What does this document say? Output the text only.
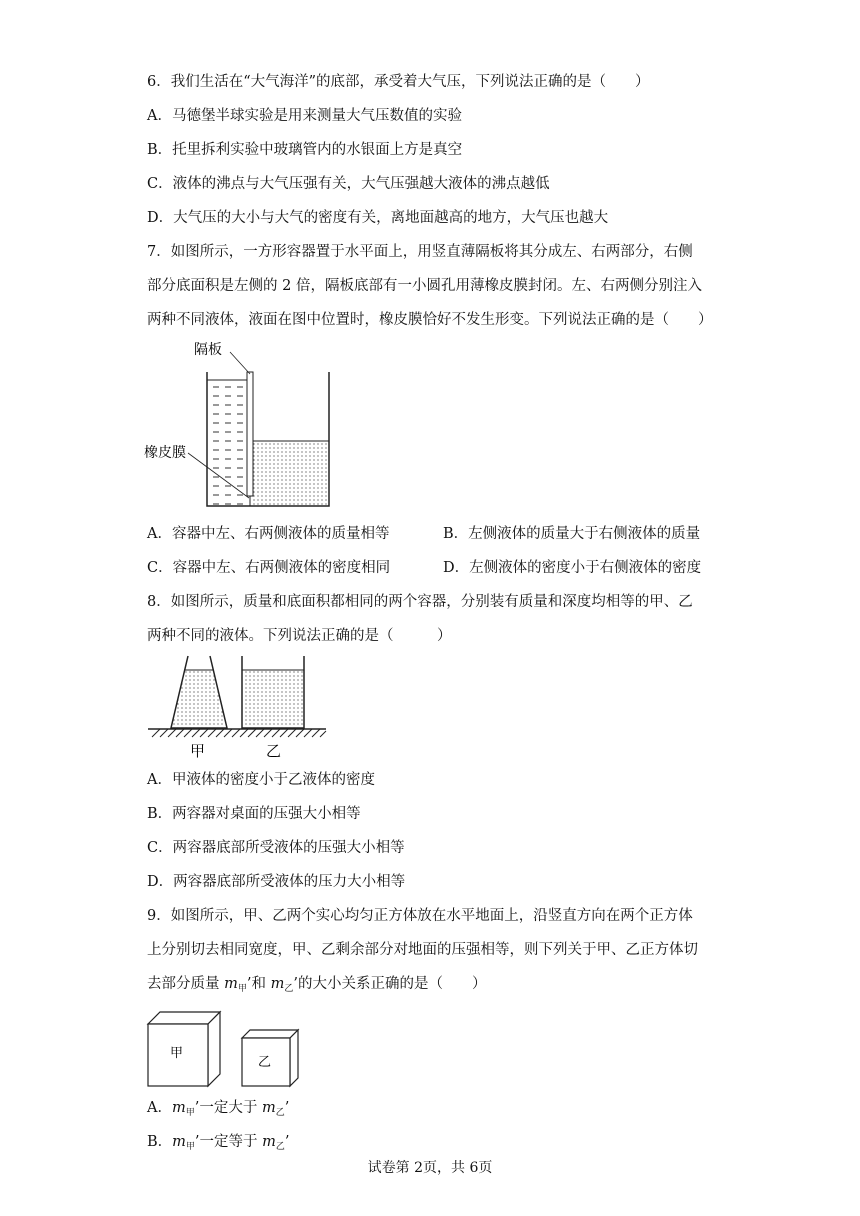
6．我们生活在“大气海洋”的底部，承受着大气压，下列说法正确的是（　　）
A．马德堡半球实验是用来测量大气压数值的实验
B．托里拆利实验中玻璃管内的水银面上方是真空
C．液体的沸点与大气压强有关，大气压强越大液体的沸点越低
D．大气压的大小与大气的密度有关，离地面越高的地方，大气压也越大
7．如图所示，一方形容器置于水平面上，用竖直薄隔板将其分成左、右两部分，右侧
部分底面积是左侧的 2 倍，隔板底部有一小圆孔用薄橡皮膜封闭。左、右两侧分别注入
两种不同液体，液面在图中位置时，橡皮膜恰好不发生形变。下列说法正确的是（　　）
隔板
橡皮膜
A．容器中左、右两侧液体的质量相等	B．左侧液体的质量大于右侧液体的质量
C．容器中左、右两侧液体的密度相同	D．左侧液体的密度小于右侧液体的密度
8．如图所示，质量和底面积都相同的两个容器，分别装有质量和深度均相等的甲、乙
两种不同的液体。下列说法正确的是（　　　）
甲	乙
A．甲液体的密度小于乙液体的密度
B．两容器对桌面的压强大小相等
C．两容器底部所受液体的压强大小相等
D．两容器底部所受液体的压力大小相等
9．如图所示，甲、乙两个实心均匀正方体放在水平地面上，沿竖直方向在两个正方体
上分别切去相同宽度，甲、乙剩余部分对地面的压强相等，则下列关于甲、乙正方体切
去部分质量 $m_甲$’和 $m_乙$’的大小关系正确的是（　　）
甲
乙
A．$m_甲$’一定大于 $m_乙$’
B．$m_甲$’一定等于 $m_乙$’
试卷第 2页，共 6页
